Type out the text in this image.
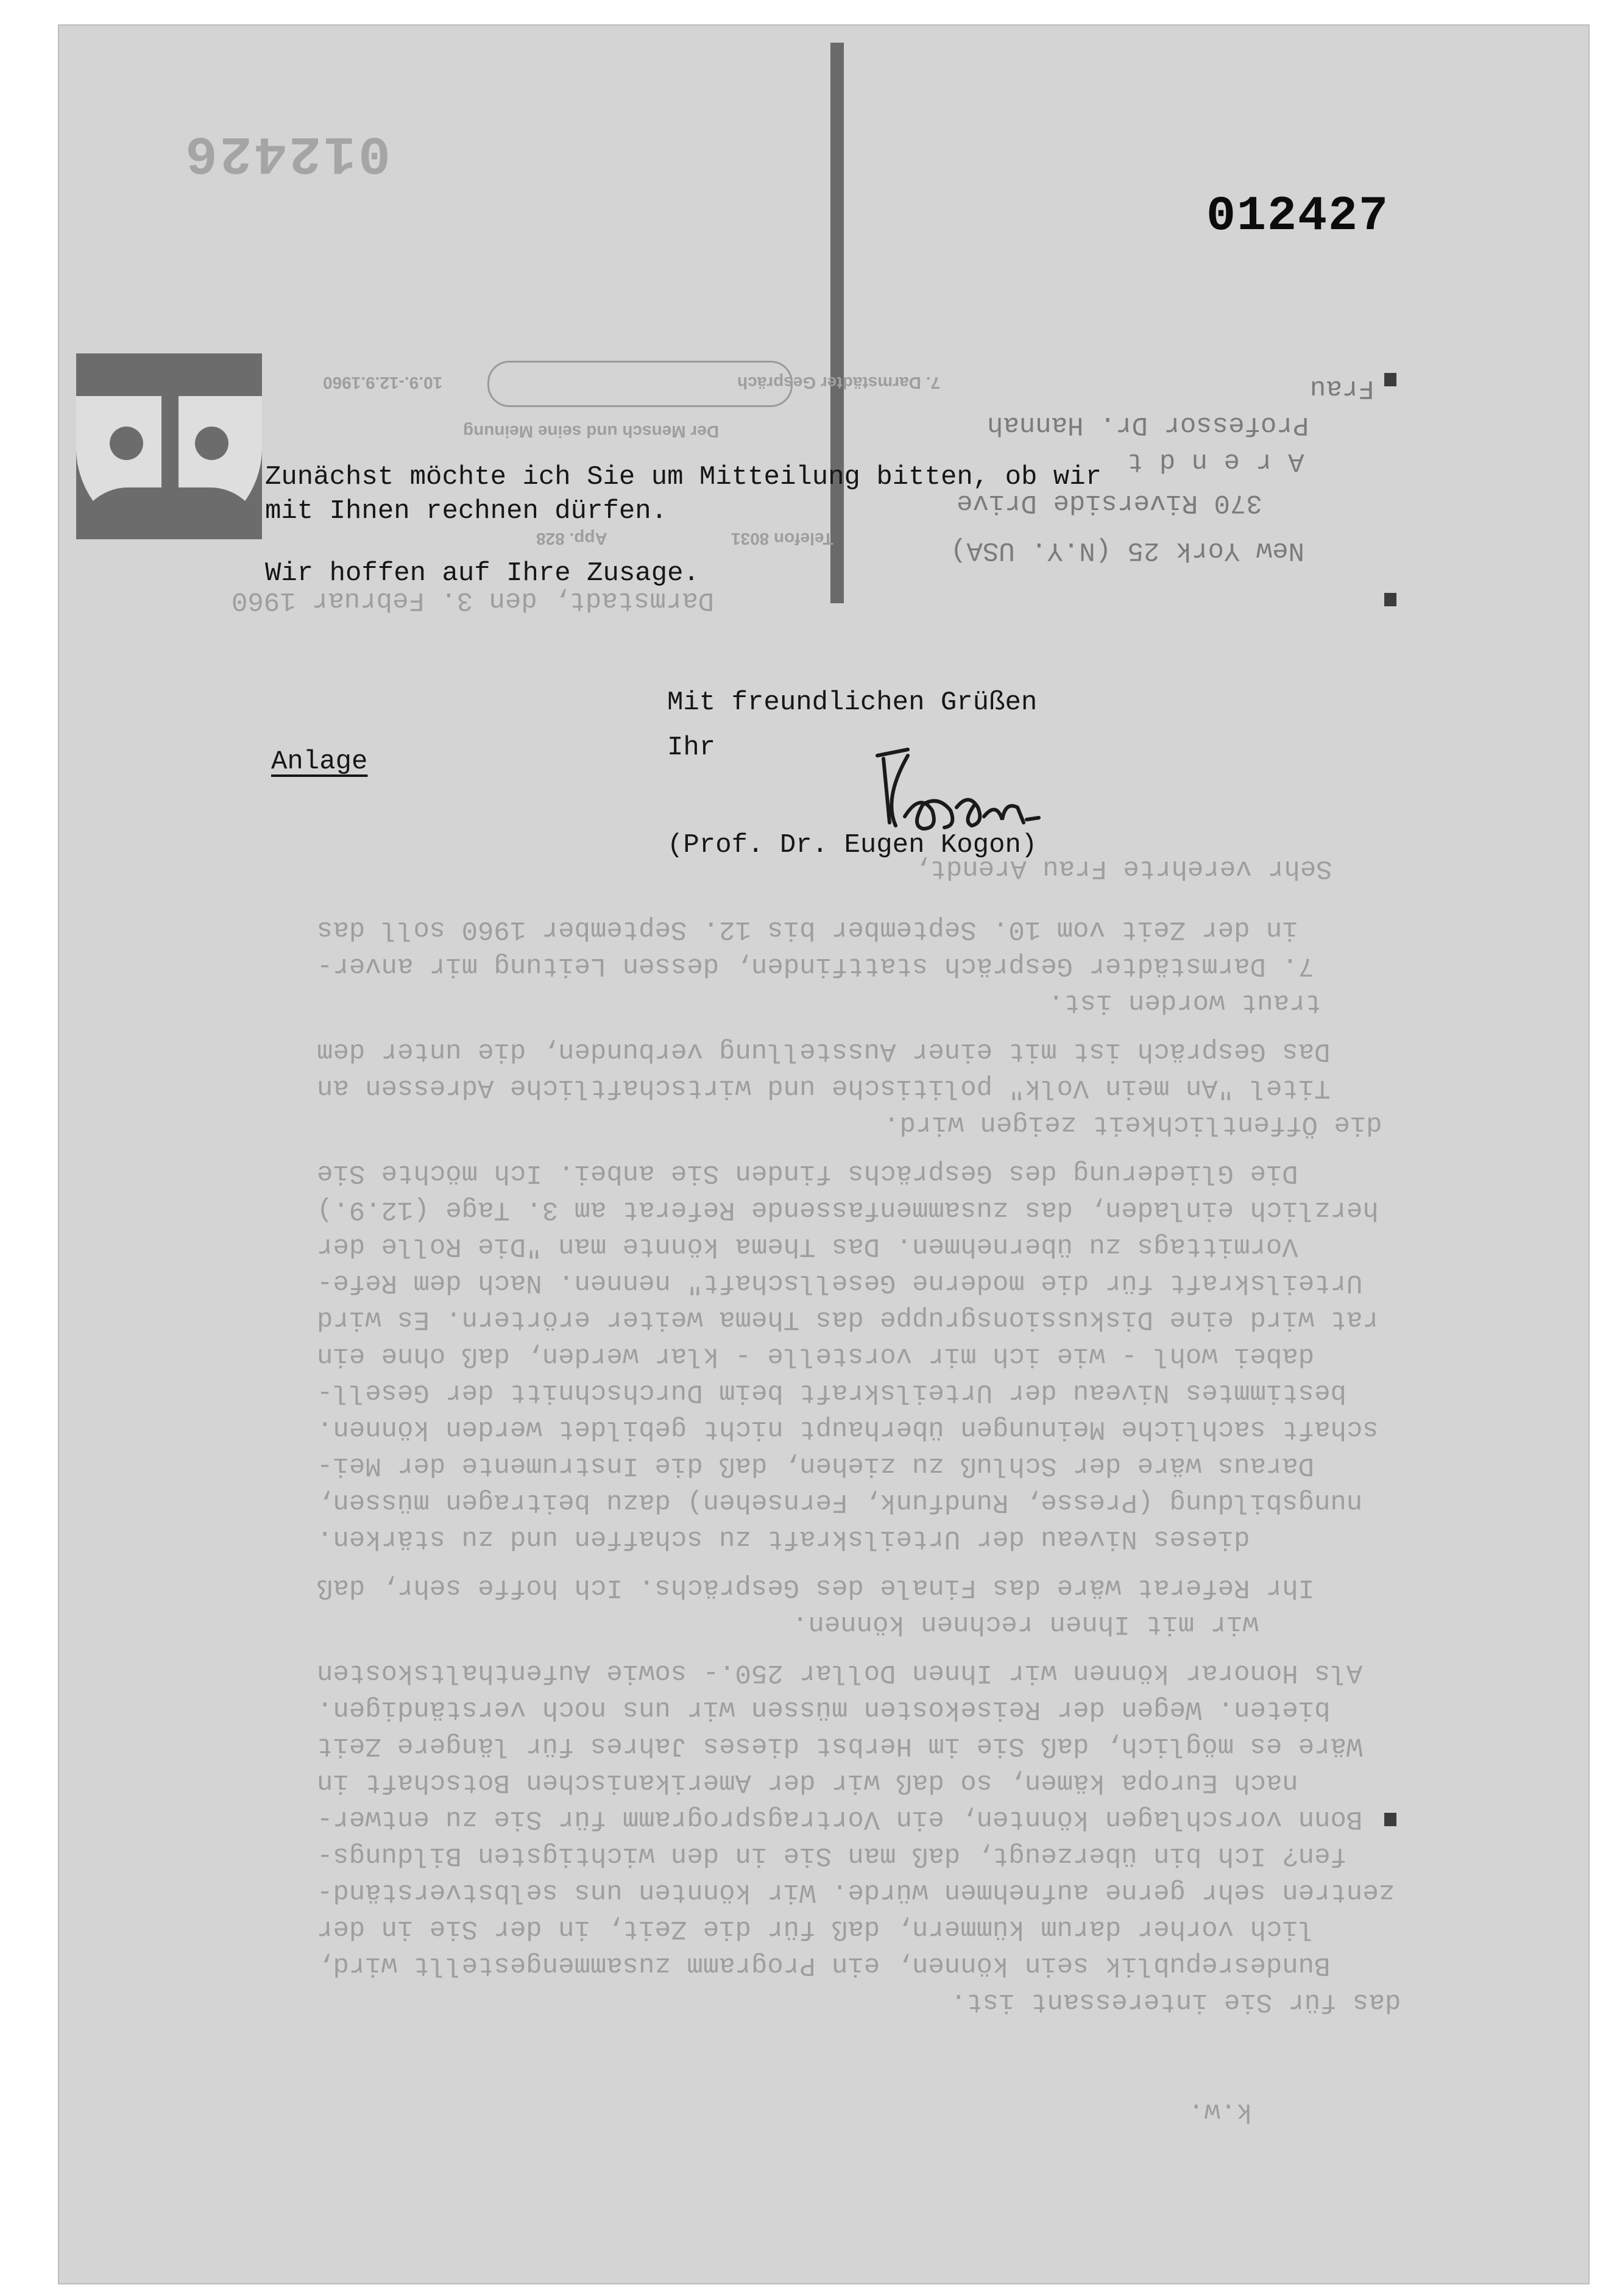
012426
012427
7. Darmstädter Gespräch
10.9.-12.9.1960
Der Mensch und seine Meinung
Telefon 8031
App. 828
Frau
Professor Dr. Hannah
A r e n d t
370 Riverside Drive
New York 25 (N.Y. USA)
Darmstadt, den 3. Februar 1960
Sehr verehrte Frau Arendt,
in der Zeit vom 10. September bis 12. September 1960 soll das
7. Darmstädter Gespräch stattfinden, dessen Leitung mir anver-
traut worden ist.
Das Gespräch ist mit einer Ausstellung verbunden, die unter dem
Titel "An mein Volk" politische und wirtschaftliche Adressen an
die Öffentlichkeit zeigen wird.
Die Gliederung des Gesprächs finden Sie anbei. Ich möchte Sie
herzlich einladen, das zusammenfassende Referat am 3. Tage (12.9.)
Vormittags zu übernehmen. Das Thema könnte man "Die Rolle der
Urteilskraft für die moderne Gesellschaft" nennen. Nach dem Refe-
rat wird eine Diskussionsgruppe das Thema weiter erörtern. Es wird
dabei wohl - wie ich mir vorstelle - klar werden, daß ohne ein
bestimmtes Niveau der Urteilskraft beim Durchschnitt der Gesell-
schaft sachliche Meinungen überhaupt nicht gebildet werden können.
Daraus wäre der Schluß zu ziehen, daß die Instrumente der Mei-
nungsbildung (Presse, Rundfunk, Fernsehen) dazu beitragen müssen,
dieses Niveau der Urteilskraft zu schaffen und zu stärken.
Ihr Referat wäre das Finale des Gesprächs. Ich hoffe sehr, daß
wir mit Ihnen rechnen können.
Als Honorar können wir Ihnen Dollar 250.- sowie Aufenthaltskosten
bieten. Wegen der Reisekosten müssen wir uns noch verständigen.
Wäre es möglich, daß Sie im Herbst dieses Jahres für längere Zeit
nach Europa kämen, so daß wir der Amerikanischen Botschaft in
Bonn vorschlagen könnten, ein Vortragsprogramm für Sie zu entwer-
fen? Ich bin überzeugt, daß man Sie in den wichtigsten Bildungs-
zentren sehr gerne aufnehmen würde. Wir könnten uns selbstverständ-
lich vorher darum kümmern, daß für die Zeit, in der Sie in der
Bundesrepublik sein können, ein Programm zusammengestellt wird,
das für Sie interessant ist.
k.w.
Zunächst möchte ich Sie um Mitteilung bitten, ob wir
mit Ihnen rechnen dürfen.
Wir hoffen auf Ihre Zusage.
Mit freundlichen Grüßen
Ihr
Anlage
(Prof. Dr. Eugen Kogon)
